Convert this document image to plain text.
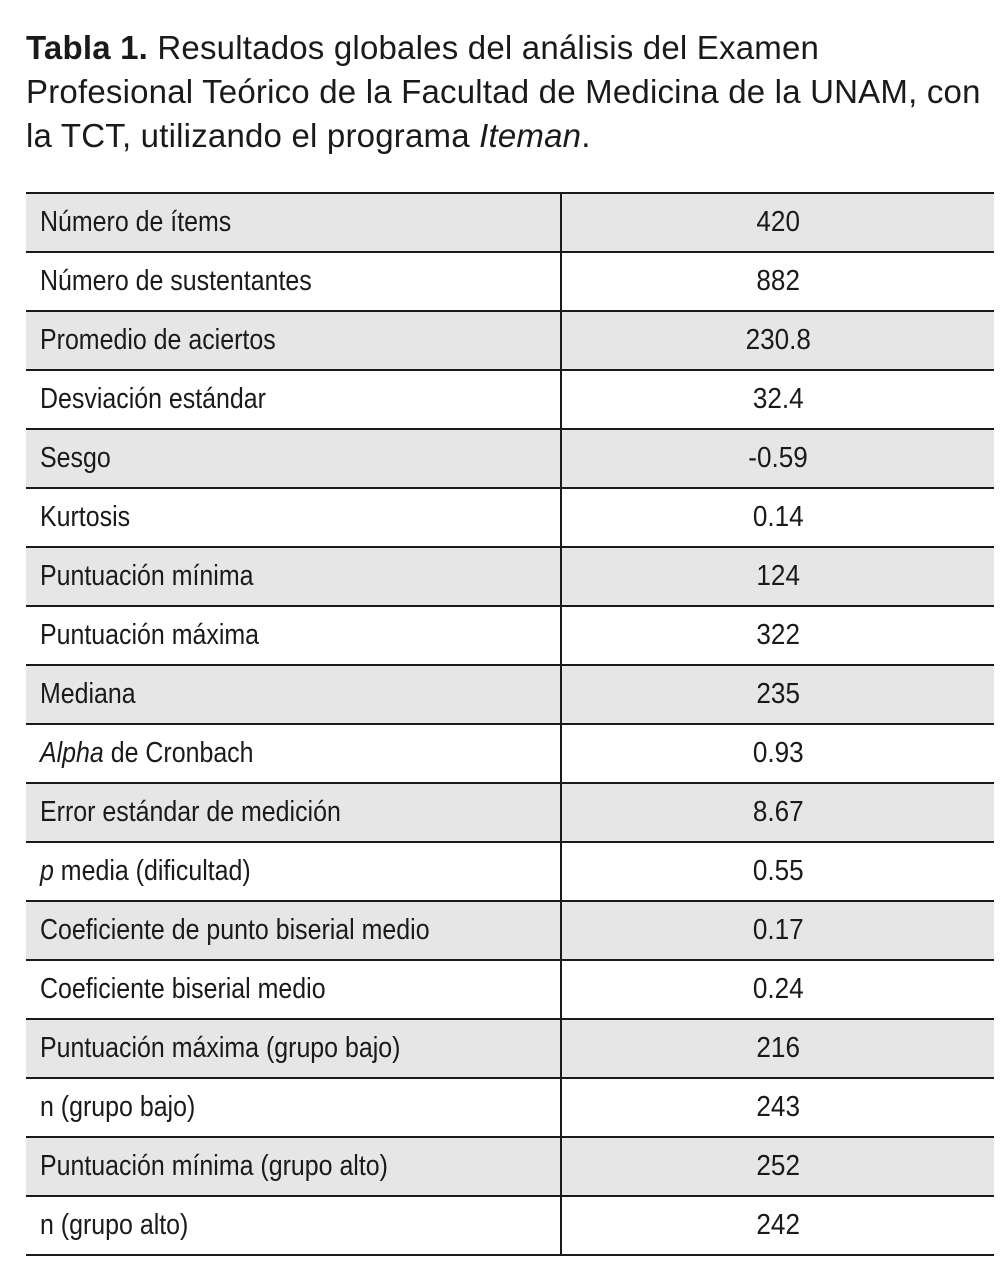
Tabla 1. Resultados globales del análisis del Examen Profesional Teórico de la Facultad de Medicina de la UNAM, con la TCT, utilizando el programa Iteman.

Número de ítems	420
Número de sustentantes	882
Promedio de aciertos	230.8
Desviación estándar	32.4
Sesgo	-0.59
Kurtosis	0.14
Puntuación mínima	124
Puntuación máxima	322
Mediana	235
Alpha de Cronbach	0.93
Error estándar de medición	8.67
p media (dificultad)	0.55
Coeficiente de punto biserial medio	0.17
Coeficiente biserial medio	0.24
Puntuación máxima (grupo bajo)	216
n (grupo bajo)	243
Puntuación mínima (grupo alto)	252
n (grupo alto)	242
